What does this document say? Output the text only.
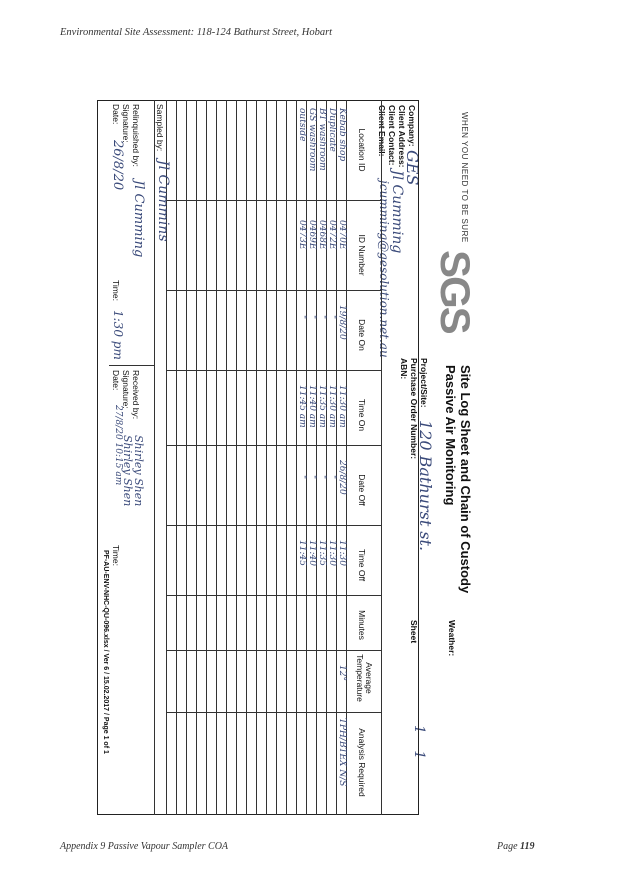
Environmental Site Assessment: 118-124 Bathurst Street, Hobart
WHEN YOU NEED TO BE SURE
SGS
Site Log Sheet and Chain of Custody
Passive Air Monitoring
Company:
GES
Client Address:
Client Contact:
Jl Cumming
Client Email:
jcumming@gesolution.net.au
Project/Site:
120 Bathurst st.
Purchase Order Number:
ABN:
Weather:
Sheet
1 1
Location ID
ID Number
Date On
Time On
Date Off
Time Off
Minutes
Average Temperature
Analysis Required
Kebab shop
0470E
19/8/20
11:30 am
26/8/20
11:30
12°
TPH/BTEX N/S
Duplicate
0472E
"
11:30 am
"
11:30
BT washroom
0468E
"
11:35 am
"
11:35
GS washroom
0469E
"
11:40 am
"
11:40
outside
0473E
"
11:45 am
"
11:45
Sampled by:
Jl Cummins
Relinquished by:
Jl Cumming
Signature:
Date:
26/8/20
Time:
1:30 pm
Received by:
Shirley Shen
Signature:
Shirley Shen
Date:
27/8/20 10:15 am
Time:
PF-AU-ENV-NHC-QU-096.xlsx / Ver 6 / 15.02.2017 / Page 1 of 1
Appendix 9 Passive Vapour Sampler COA	Page 119
